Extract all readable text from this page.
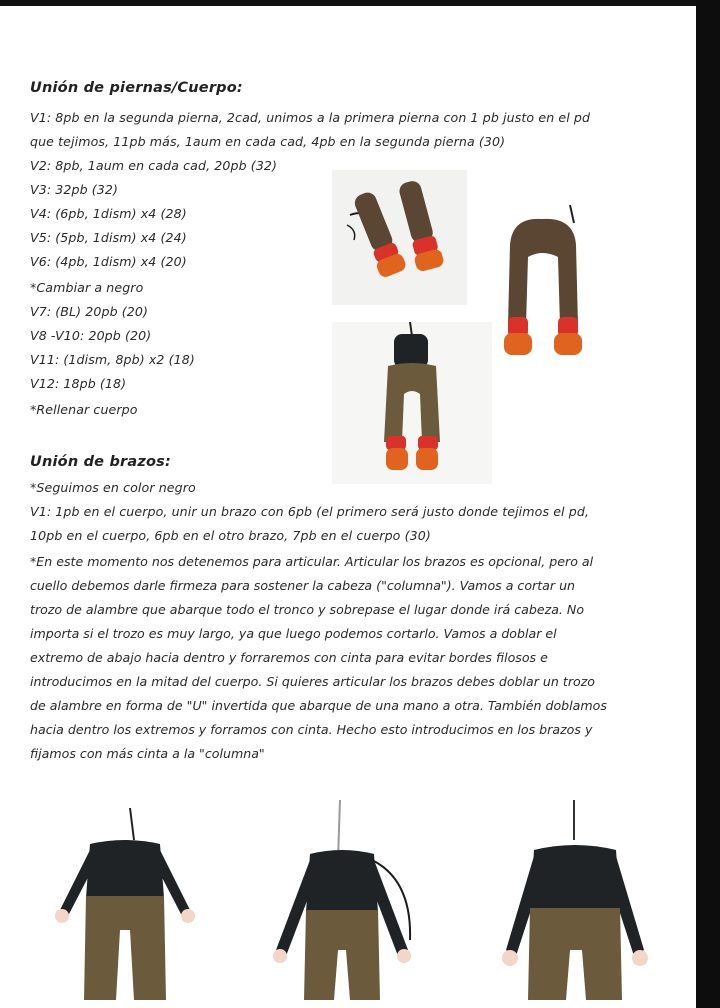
Unión de piernas/Cuerpo:
V1: 8pb en la segunda pierna, 2cad, unimos a la primera pierna con 1 pb justo en el pd
que tejimos, 11pb más, 1aum en cada cad, 4pb en la segunda pierna (30)
V2: 8pb, 1aum en cada cad, 20pb (32)
V3: 32pb (32)
V4: (6pb, 1dism) x4 (28)
V5: (5pb, 1dism) x4 (24)
V6: (4pb, 1dism) x4 (20)
*Cambiar a negro
V7: (BL) 20pb (20)
V8 -V10: 20pb (20)
V11: (1dism, 8pb) x2 (18)
V12: 18pb (18)
*Rellenar cuerpo
Unión de brazos:
*Seguimos en color negro
V1: 1pb en el cuerpo, unir un brazo con 6pb (el primero será justo donde tejimos el pd,
10pb en el cuerpo, 6pb en el otro brazo, 7pb en el cuerpo (30)
*En este momento nos detenemos para articular. Articular los brazos es opcional, pero al
cuello debemos darle firmeza para sostener la cabeza ("columna"). Vamos a cortar un
trozo de alambre que abarque todo el tronco y sobrepase el lugar donde irá cabeza. No
importa si el trozo es muy largo, ya que luego podemos cortarlo. Vamos a doblar el
extremo de abajo hacia dentro y forraremos con cinta para evitar bordes filosos e
introducimos en la mitad del cuerpo. Si quieres articular los brazos debes doblar un trozo
de alambre en forma de "U" invertida que abarque de una mano a otra. También doblamos
hacia dentro los extremos y forramos con cinta. Hecho esto introducimos en los brazos y
fijamos con más cinta a la "columna"
